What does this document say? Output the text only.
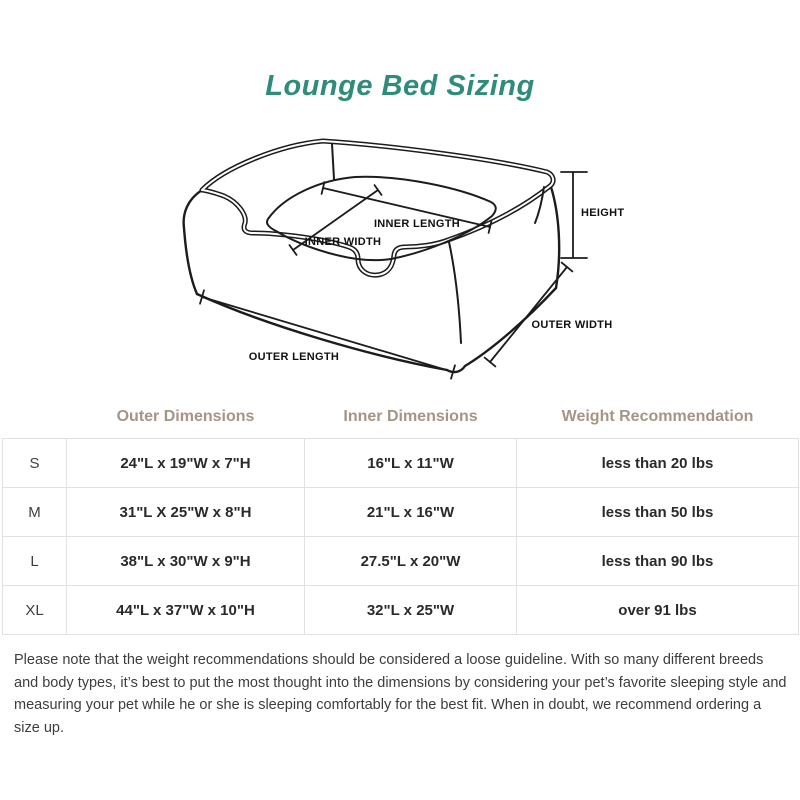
Lounge Bed Sizing
INNER LENGTH
INNER WIDTH
HEIGHT
OUTER WIDTH
OUTER LENGTH
	Outer Dimensions	Inner Dimensions	Weight Recommendation
S	24"L x 19"W x 7"H	16"L x 11"W	less than 20 lbs
M	31"L X 25"W x 8"H	21"L x 16"W	less than 50 lbs
L	38"L x 30"W x 9"H	27.5"L x 20"W	less than 90 lbs
XL	44"L x 37"W x 10"H	32"L x 25"W	over 91 lbs

Please note that the weight recommendations should be considered a loose guideline. With so many different breeds and body types, it’s best to put the most thought into the dimensions by considering your pet’s favorite sleeping style and measuring your pet while he or she is sleeping comfortably for the best fit. When in doubt, we recommend ordering a size up.
